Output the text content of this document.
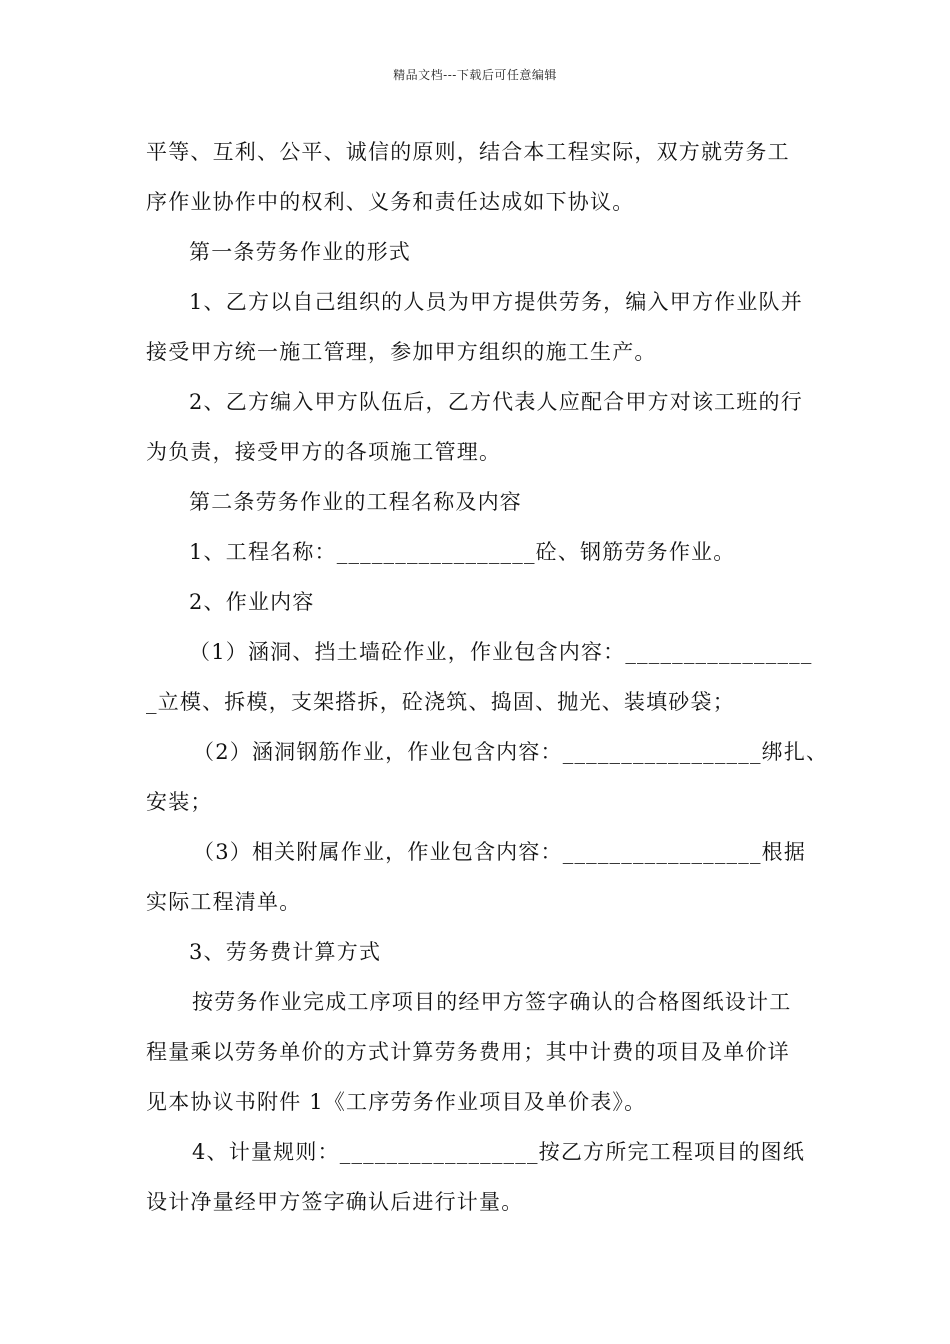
精品文档---下载后可任意编辑
平等、互利、公平、诚信的原则，结合本工程实际，双方就劳务工
序作业协作中的权利、义务和责任达成如下协议。
第一条劳务作业的形式
1、乙方以自己组织的人员为甲方提供劳务，编入甲方作业队并
接受甲方统一施工管理，参加甲方组织的施工生产。
2、乙方编入甲方队伍后，乙方代表人应配合甲方对该工班的行
为负责，接受甲方的各项施工管理。
第二条劳务作业的工程名称及内容
1、工程名称：_________________砼、钢筋劳务作业。
2、作业内容
（1）涵洞、挡土墙砼作业，作业包含内容：________________
_立模、拆模，支架搭拆，砼浇筑、捣固、抛光、装填砂袋；
（2）涵洞钢筋作业，作业包含内容：_________________绑扎、
安装；
（3）相关附属作业，作业包含内容：_________________根据
实际工程清单。
3、劳务费计算方式
按劳务作业完成工序项目的经甲方签字确认的合格图纸设计工
程量乘以劳务单价的方式计算劳务费用；其中计费的项目及单价详
见本协议书附件 1《工序劳务作业项目及单价表》。
4、计量规则：_________________按乙方所完工程项目的图纸
设计净量经甲方签字确认后进行计量。
